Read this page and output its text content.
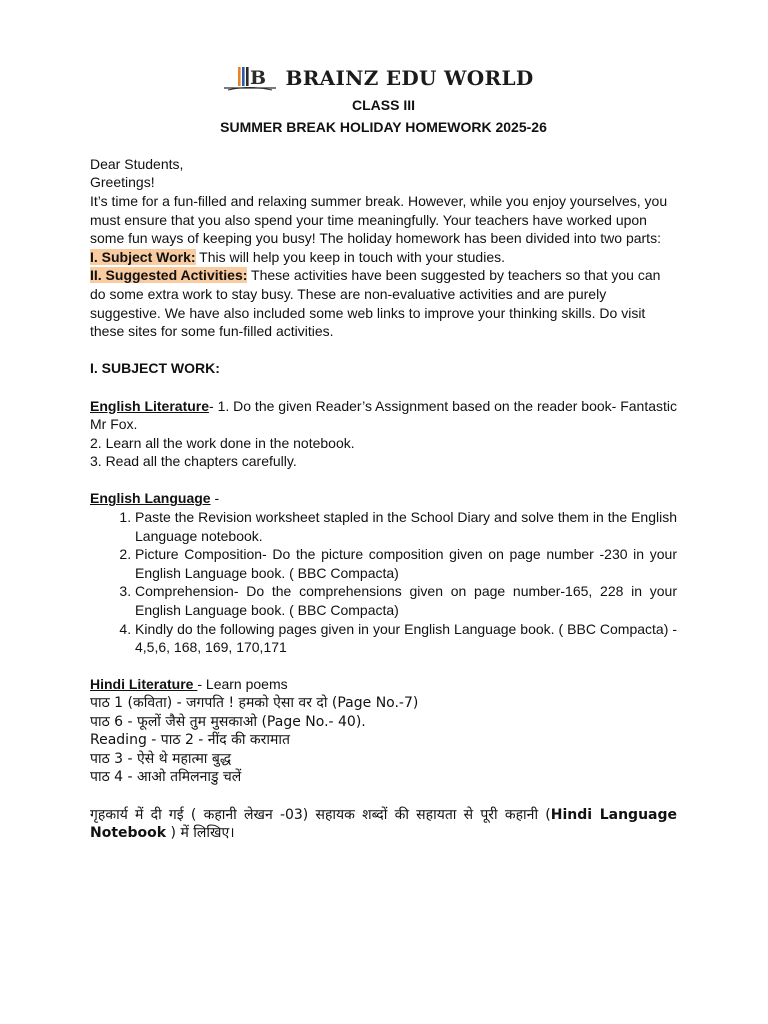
B BRAINZ EDU WORLD
CLASS III
SUMMER BREAK HOLIDAY HOMEWORK 2025-26

Dear Students,

Greetings!

It’s time for a fun-filled and relaxing summer break. However, while you enjoy yourselves, you must ensure that you also spend your time meaningfully. Your teachers have worked upon some fun ways of keeping you busy! The holiday homework has been divided into two parts:

I. Subject Work: This will help you keep in touch with your studies.

II. Suggested Activities: These activities have been suggested by teachers so that you can do some extra work to stay busy. These are non-evaluative activities and are purely suggestive. We have also included some web links to improve your thinking skills. Do visit these sites for some fun-filled activities.

I. SUBJECT WORK:

English Literature- 1. Do the given Reader’s Assignment based on the reader book- Fantastic Mr Fox.

2. Learn all the work done in the notebook.

3. Read all the chapters carefully.

English Language -

1. Paste the Revision worksheet stapled in the School Diary and solve them in the English Language notebook.
2. Picture Composition- Do the picture composition given on page number -230 in your English Language book. ( BBC Compacta)
3. Comprehension- Do the comprehensions given on page number-165, 228 in your English Language book. ( BBC Compacta)
4. Kindly do the following pages given in your English Language book. ( BBC Compacta) - 4,5,6, 168, 169, 170,171

Hindi Literature - Learn poems

पाठ 1 (कविता) - जगपति ! हमको ऐसा वर दो (Page No.-7)

पाठ 6 - फूलों जैसे तुम मुसकाओ (Page No.- 40).

Reading - पाठ 2 - नींद की करामात

पाठ 3 - ऐसे थे महात्मा बुद्ध

पाठ 4 - आओ तमिलनाडु चलें

गृहकार्य में दी गई ( कहानी लेखन -03) सहायक शब्दों की सहायता से पूरी कहानी (Hindi Language Notebook ) में लिखिए।
